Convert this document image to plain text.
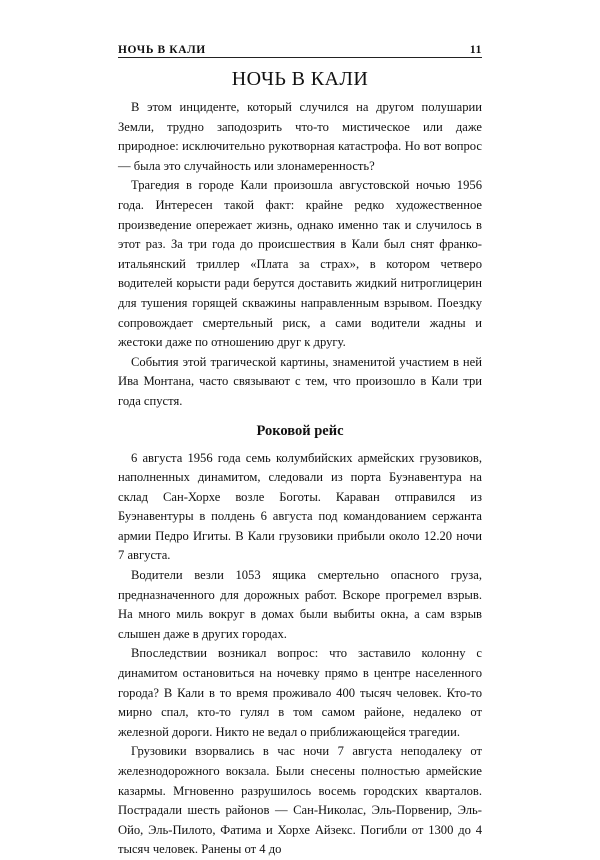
НОЧЬ В КАЛИ	11
НОЧЬ В КАЛИ

В этом инциденте, который случился на другом полушарии Земли, трудно заподозрить что-то мистическое или даже природное: исключительно рукотворная катастрофа. Но вот вопрос — была это случайность или злонамеренность?

Трагедия в городе Кали произошла августовской ночью 1956 года. Интересен такой факт: крайне редко художественное произведение опережает жизнь, однако именно так и случилось в этот раз. За три года до происшествия в Кали был снят франко-итальянский триллер «Плата за страх», в котором четверо водителей корысти ради берутся доставить жидкий нитроглицерин для тушения горящей скважины направленным взрывом. Поездку сопровождает смертельный риск, а сами водители жадны и жестоки даже по отношению друг к другу.

События этой трагической картины, знаменитой участием в ней Ива Монтана, часто связывают с тем, что произошло в Кали три года спустя.

Роковой рейс

6 августа 1956 года семь колумбийских армейских грузовиков, наполненных динамитом, следовали из порта Буэнавентура на склад Сан-Хорхе возле Боготы. Караван отправился из Буэнавентуры в полдень 6 августа под командованием сержанта армии Педро Игиты. В Кали грузовики прибыли около 12.20 ночи 7 августа.

Водители везли 1053 ящика смертельно опасного груза, предназначенного для дорожных работ. Вскоре прогремел взрыв. На много миль вокруг в домах были выбиты окна, а сам взрыв слышен даже в других городах.

Впоследствии возникал вопрос: что заставило колонну с динамитом остановиться на ночевку прямо в центре населенного города? В Кали в то время проживало 400 тысяч человек. Кто-то мирно спал, кто-то гулял в том самом районе, недалеко от железной дороги. Никто не ведал о приближающейся трагедии.

Грузовики взорвались в час ночи 7 августа неподалеку от железнодорожного вокзала. Были снесены полностью армейские казармы. Мгновенно разрушилось восемь городских кварталов. Пострадали шесть районов — Сан-Николас, Эль-Порвенир, Эль-Ойо, Эль-Пилото, Фатима и Хорхе Айзекс. Погибли от 1300 до 4 тысяч человек. Ранены от 4 до
